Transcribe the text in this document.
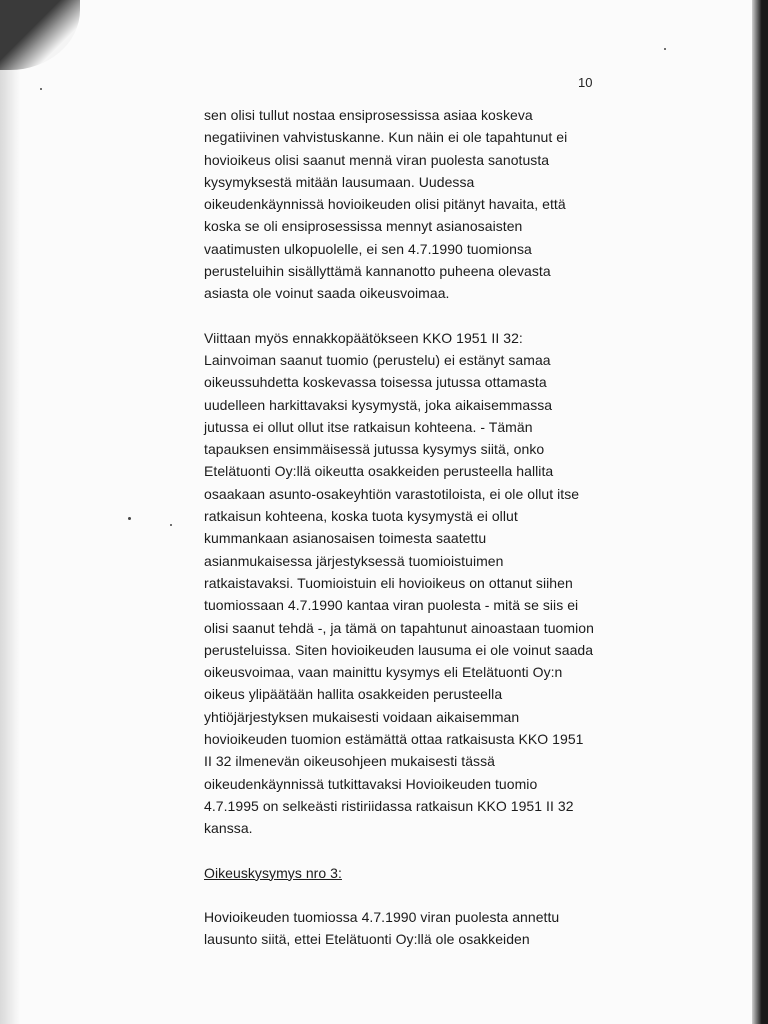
10
sen olisi tullut nostaa ensiprosessissa asiaa koskeva
negatiivinen vahvistuskanne. Kun näin ei ole tapahtunut ei
hovioikeus olisi saanut mennä viran puolesta sanotusta
kysymyksestä mitään lausumaan. Uudessa
oikeudenkäynnissä hovioikeuden olisi pitänyt havaita, että
koska se oli ensiprosessissa mennyt asianosaisten
vaatimusten ulkopuolelle, ei sen 4.7.1990 tuomionsa
perusteluihin sisällyttämä kannanotto puheena olevasta
asiasta ole voinut saada oikeusvoimaa.
Viittaan myös ennakkopäätökseen KKO 1951 II 32:
Lainvoiman saanut tuomio (perustelu) ei estänyt samaa
oikeussuhdetta koskevassa toisessa jutussa ottamasta
uudelleen harkittavaksi kysymystä, joka aikaisemmassa
jutussa ei ollut ollut itse ratkaisun kohteena. - Tämän
tapauksen ensimmäisessä jutussa kysymys siitä, onko
Etelätuonti Oy:llä oikeutta osakkeiden perusteella hallita
osaakaan asunto-osakeyhtiön varastotiloista, ei ole ollut itse
ratkaisun kohteena, koska tuota kysymystä ei ollut
kummankaan asianosaisen toimesta saatettu
asianmukaisessa järjestyksessä tuomioistuimen
ratkaistavaksi. Tuomioistuin eli hovioikeus on ottanut siihen
tuomiossaan 4.7.1990 kantaa viran puolesta - mitä se siis ei
olisi saanut tehdä -, ja tämä on tapahtunut ainoastaan tuomion
perusteluissa. Siten hovioikeuden lausuma ei ole voinut saada
oikeusvoimaa, vaan mainittu kysymys eli Etelätuonti Oy:n
oikeus ylipäätään hallita osakkeiden perusteella
yhtiöjärjestyksen mukaisesti voidaan aikaisemman
hovioikeuden tuomion estämättä ottaa ratkaisusta KKO 1951
II 32 ilmenevän oikeusohjeen mukaisesti tässä
oikeudenkäynnissä tutkittavaksi Hovioikeuden tuomio
4.7.1995 on selkeästi ristiriidassa ratkaisun KKO 1951 II 32
kanssa.
Oikeuskysymys nro 3:
Hovioikeuden tuomiossa 4.7.1990 viran puolesta annettu
lausunto siitä, ettei Etelätuonti Oy:llä ole osakkeiden
